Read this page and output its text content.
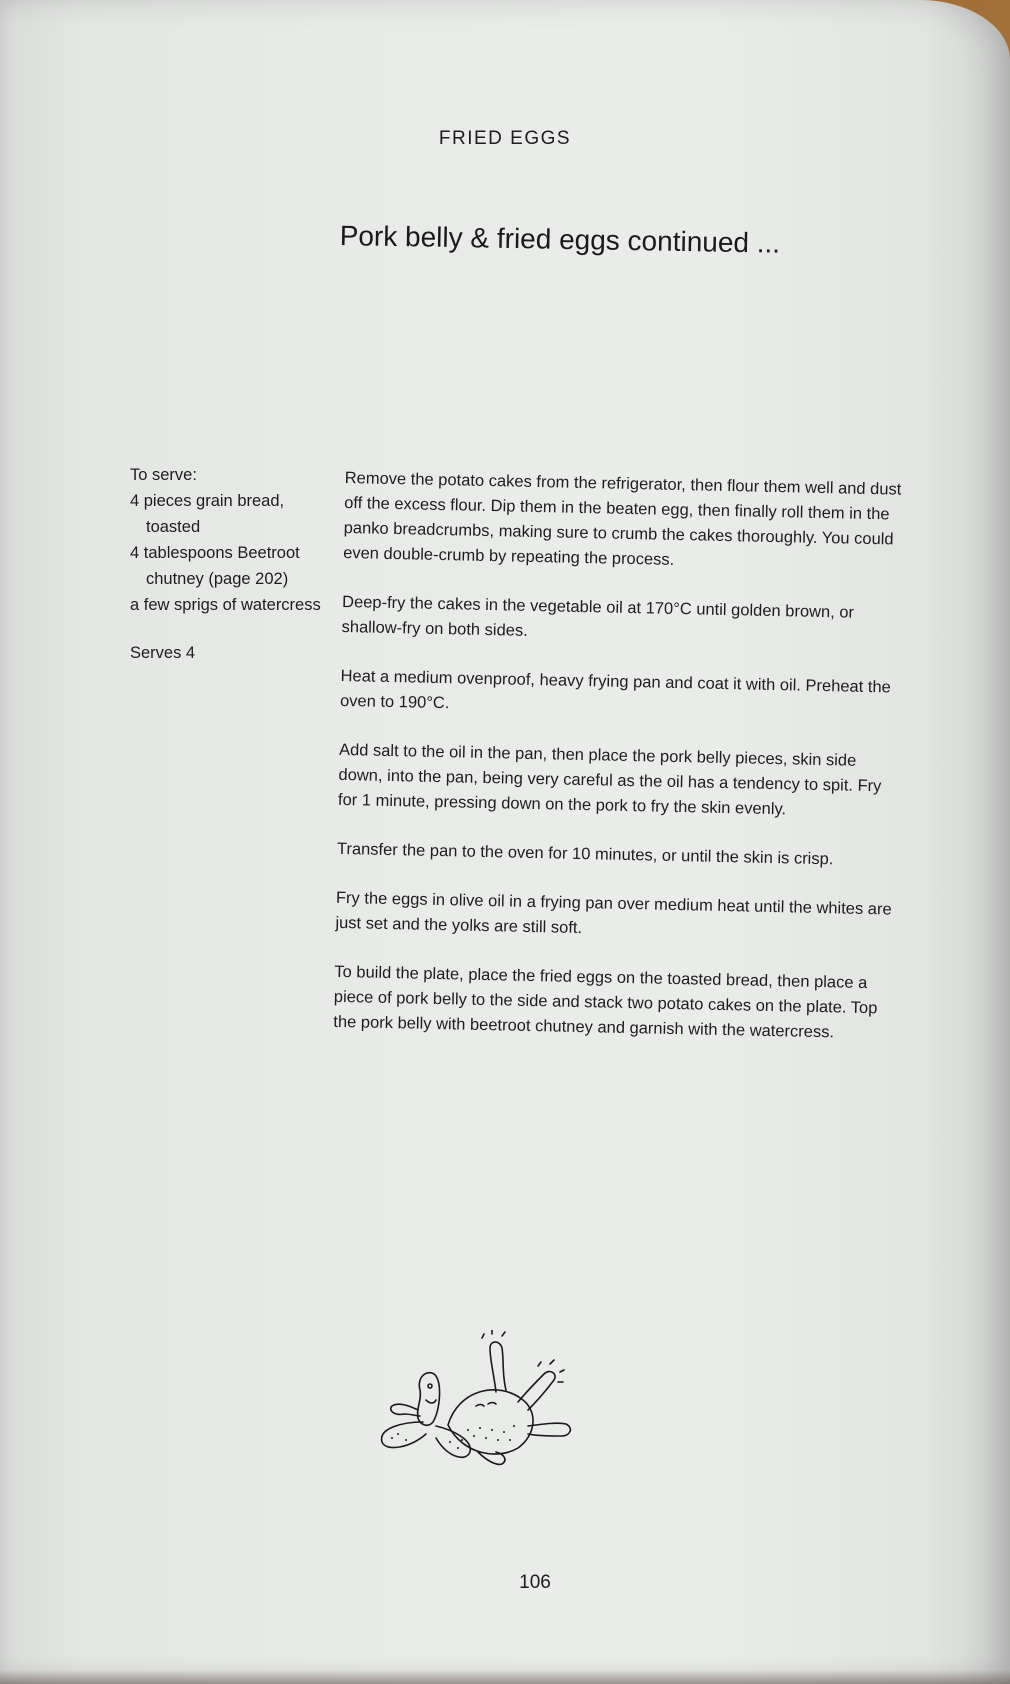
FRIED EGGS
Pork belly & fried eggs continued ...
To serve:
4 pieces grain bread,
toasted
4 tablespoons Beetroot
chutney (page 202)
a few sprigs of watercress
Serves 4

Remove the potato cakes from the refrigerator, then flour them well and dust off the excess flour. Dip them in the beaten egg, then finally roll them in the panko breadcrumbs, making sure to crumb the cakes thoroughly. You could even double-crumb by repeating the process.

Deep-fry the cakes in the vegetable oil at 170°C until golden brown, or shallow-fry on both sides.

Heat a medium ovenproof, heavy frying pan and coat it with oil. Preheat the oven to 190°C.

Add salt to the oil in the pan, then place the pork belly pieces, skin side down, into the pan, being very careful as the oil has a tendency to spit. Fry for 1 minute, pressing down on the pork to fry the skin evenly.

Transfer the pan to the oven for 10 minutes, or until the skin is crisp.

Fry the eggs in olive oil in a frying pan over medium heat until the whites are just set and the yolks are still soft.

To build the plate, place the fried eggs on the toasted bread, then place a piece of pork belly to the side and stack two potato cakes on the plate. Top the pork belly with beetroot chutney and garnish with the watercress.

106
